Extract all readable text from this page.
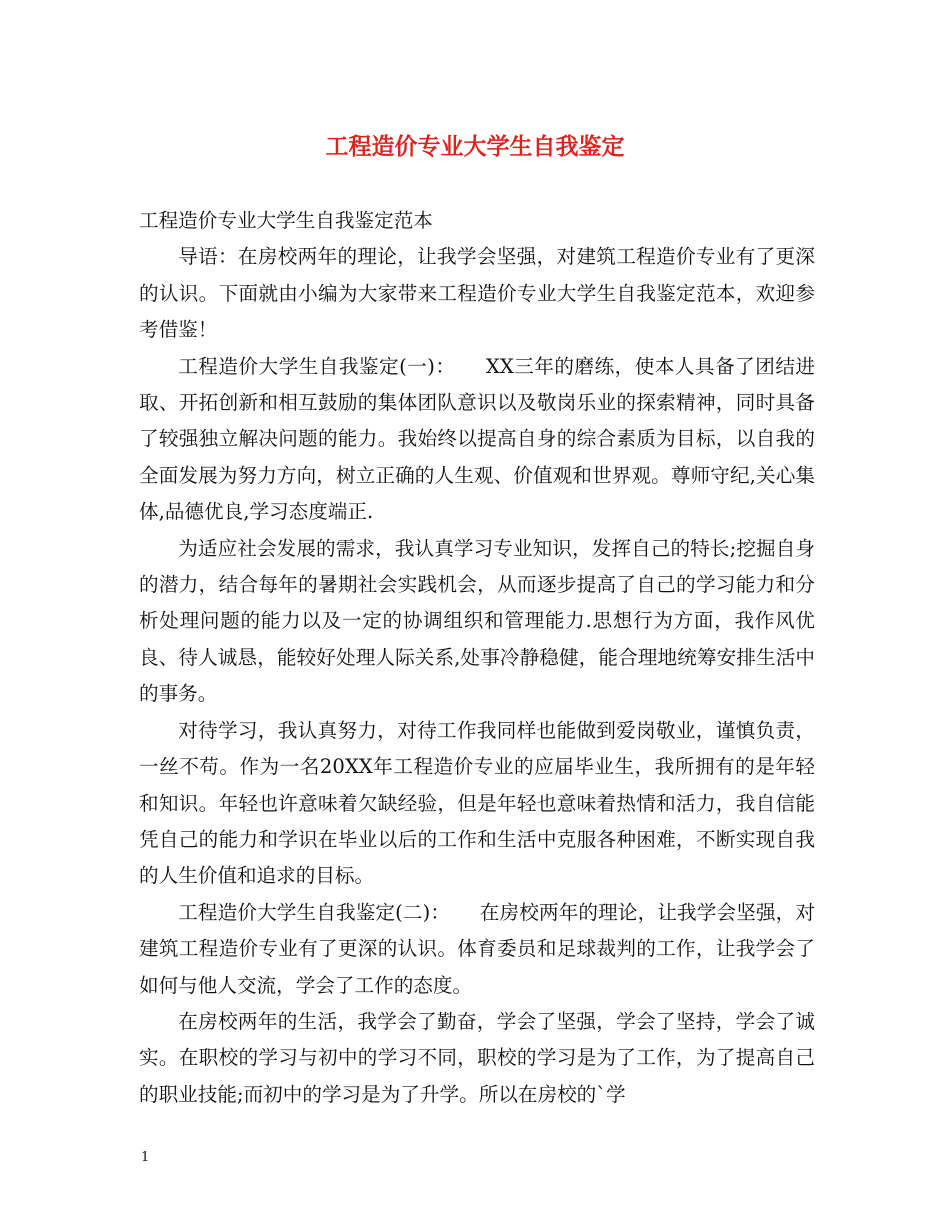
工程造价专业大学生自我鉴定

工程造价专业大学生自我鉴定范本

导语：在房校两年的理论，让我学会坚强，对建筑工程造价专业有了更深的认识。下面就由小编为大家带来工程造价专业大学生自我鉴定范本，欢迎参考借鉴！

工程造价大学生自我鉴定(一)：　　XX三年的磨练，使本人具备了团结进取、开拓创新和相互鼓励的集体团队意识以及敬岗乐业的探索精神，同时具备了较强独立解决问题的能力。我始终以提高自身的综合素质为目标，以自我的全面发展为努力方向，树立正确的人生观、价值观和世界观。尊师守纪,关心集体,品德优良,学习态度端正.

为适应社会发展的需求，我认真学习专业知识，发挥自己的特长;挖掘自身的潜力，结合每年的暑期社会实践机会，从而逐步提高了自己的学习能力和分析处理问题的能力以及一定的协调组织和管理能力.思想行为方面，我作风优良、待人诚恳，能较好处理人际关系,处事冷静稳健，能合理地统筹安排生活中的事务。

对待学习，我认真努力，对待工作我同样也能做到爱岗敬业，谨慎负责，一丝不苟。作为一名20XX年工程造价专业的应届毕业生，我所拥有的是年轻和知识。年轻也许意味着欠缺经验，但是年轻也意味着热情和活力，我自信能凭自己的能力和学识在毕业以后的工作和生活中克服各种困难，不断实现自我的人生价值和追求的目标。

工程造价大学生自我鉴定(二)：　　在房校两年的理论，让我学会坚强，对建筑工程造价专业有了更深的认识。体育委员和足球裁判的工作，让我学会了如何与他人交流，学会了工作的态度。

在房校两年的生活，我学会了勤奋，学会了坚强，学会了坚持，学会了诚实。在职校的学习与初中的学习不同，职校的学习是为了工作，为了提高自己的职业技能;而初中的学习是为了升学。所以在房校的`学

1
